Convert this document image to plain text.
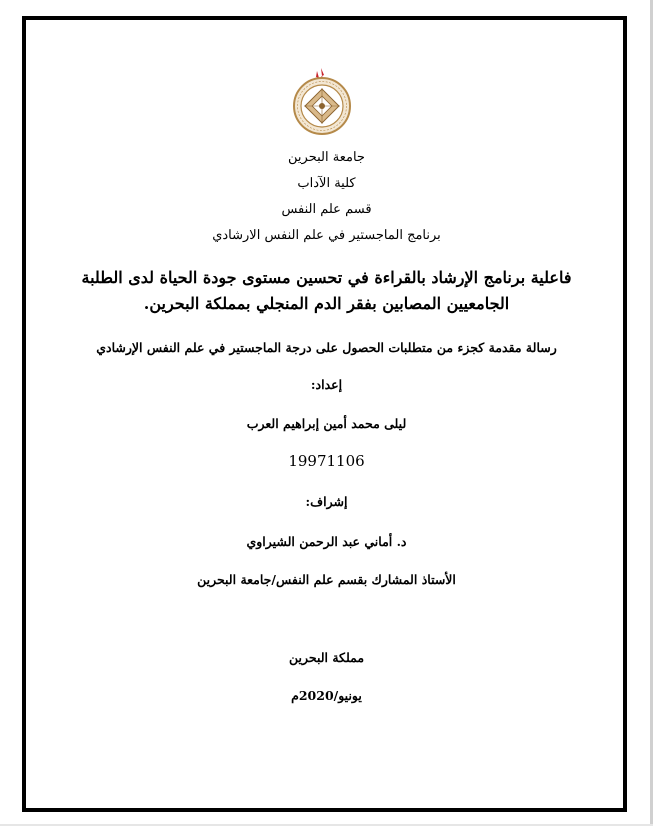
جامعة البحرين
كلية الآداب
قسم علم النفس
برنامج الماجستير في علم النفس الارشادي
فاعلية برنامج الإرشاد بالقراءة في تحسين مستوى جودة الحياة لدى الطلبة
الجامعيين المصابين بفقر الدم المنجلي بمملكة البحرين.
رسالة مقدمة كجزء من متطلبات الحصول على درجة الماجستير في علم النفس الإرشادي
إعداد:
ليلى محمد أمين إبراهيم العرب
19971106
إشراف:
د. أماني عبد الرحمن الشيراوي
الأستاذ المشارك بقسم علم النفس/جامعة البحرين
مملكة البحرين
يونيو/2020م
